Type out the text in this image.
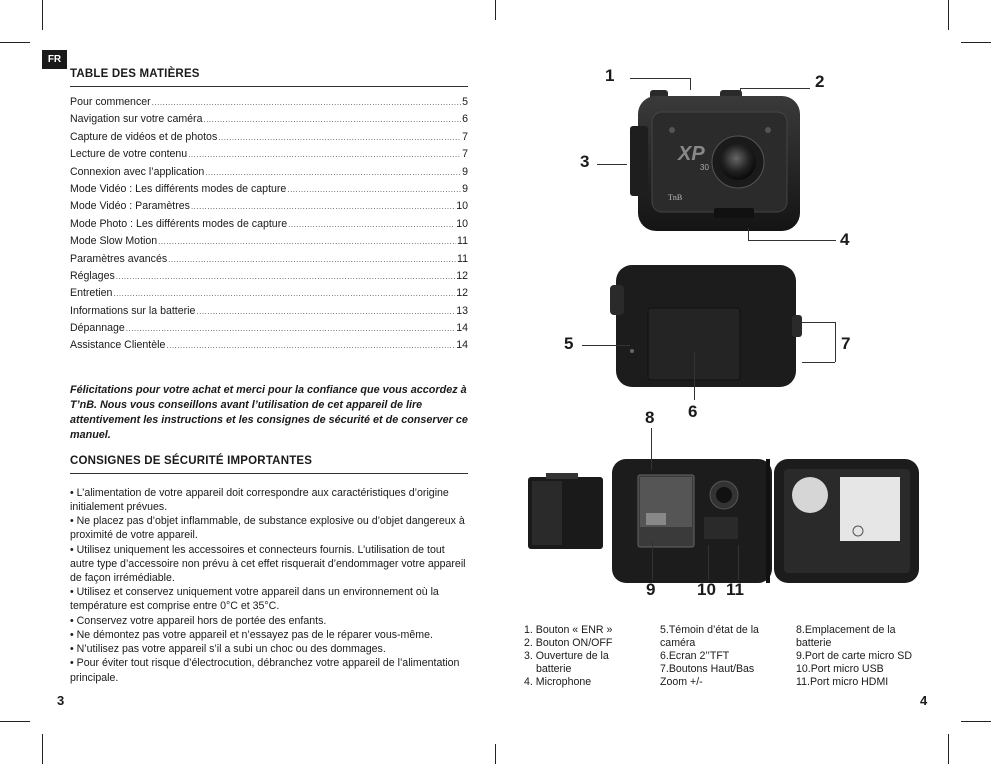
FR
TABLE DES MATIÈRES
Pour commencer .....	5
Navigation sur votre caméra .....	6
Capture de vidéos et de photos .....	7
Lecture de votre contenu .....	7
Connexion avec l’application .....	9
Mode Vidéo : Les différents modes de capture .....	9
Mode Vidéo : Paramètres .....	10
Mode Photo : Les différents modes de capture .....	10
Mode Slow Motion .....	11
Paramètres avancés .....	11
Réglages .....	12
Entretien .....	12
Informations sur la batterie .....	13
Dépannage .....	14
Assistance Clientèle .....	14

Félicitations pour votre achat et merci pour la confiance que vous accordez à T’nB. Nous vous conseillons avant l’utilisation de cet appareil de lire attentivement les instructions et les consignes de sécurité et de conserver ce manuel.

CONSIGNES DE SÉCURITÉ IMPORTANTES
• L’alimentation de votre appareil doit correspondre aux caractéristiques d’origine initialement prévues.
• Ne placez pas d’objet inflammable, de substance explosive ou d’objet dangereux à proximité de votre appareil.
• Utilisez uniquement les accessoires et connecteurs fournis. L’utilisation de tout autre type d’accessoire non prévu à cet effet risquerait d’endommager votre appareil de façon irrémédiable.
• Utilisez et conservez uniquement votre appareil dans un environnement où la température est comprise entre 0°C et 35°C.
• Conservez votre appareil hors de portée des enfants.
• Ne démontez pas votre appareil et n’essayez pas de le réparer vous-même.
• N’utilisez pas votre appareil s’il a subi un choc ou des dommages.
• Pour éviter tout risque d’électrocution, débranchez votre appareil de l’alimentation principale.
3	4
XP
30
TnB
1	2
3
4
5
6
7
8
9 10 11
1. Bouton « ENR »
2. Bouton ON/OFF
3. Ouverture de la
batterie
4. Microphone
5.Témoin d’état de la
caméra
6.Ecran 2’’TFT
7.Boutons Haut/Bas
Zoom +/-
8.Emplacement de la
batterie
9.Port de carte micro SD
10.Port micro USB
11.Port micro HDMI
